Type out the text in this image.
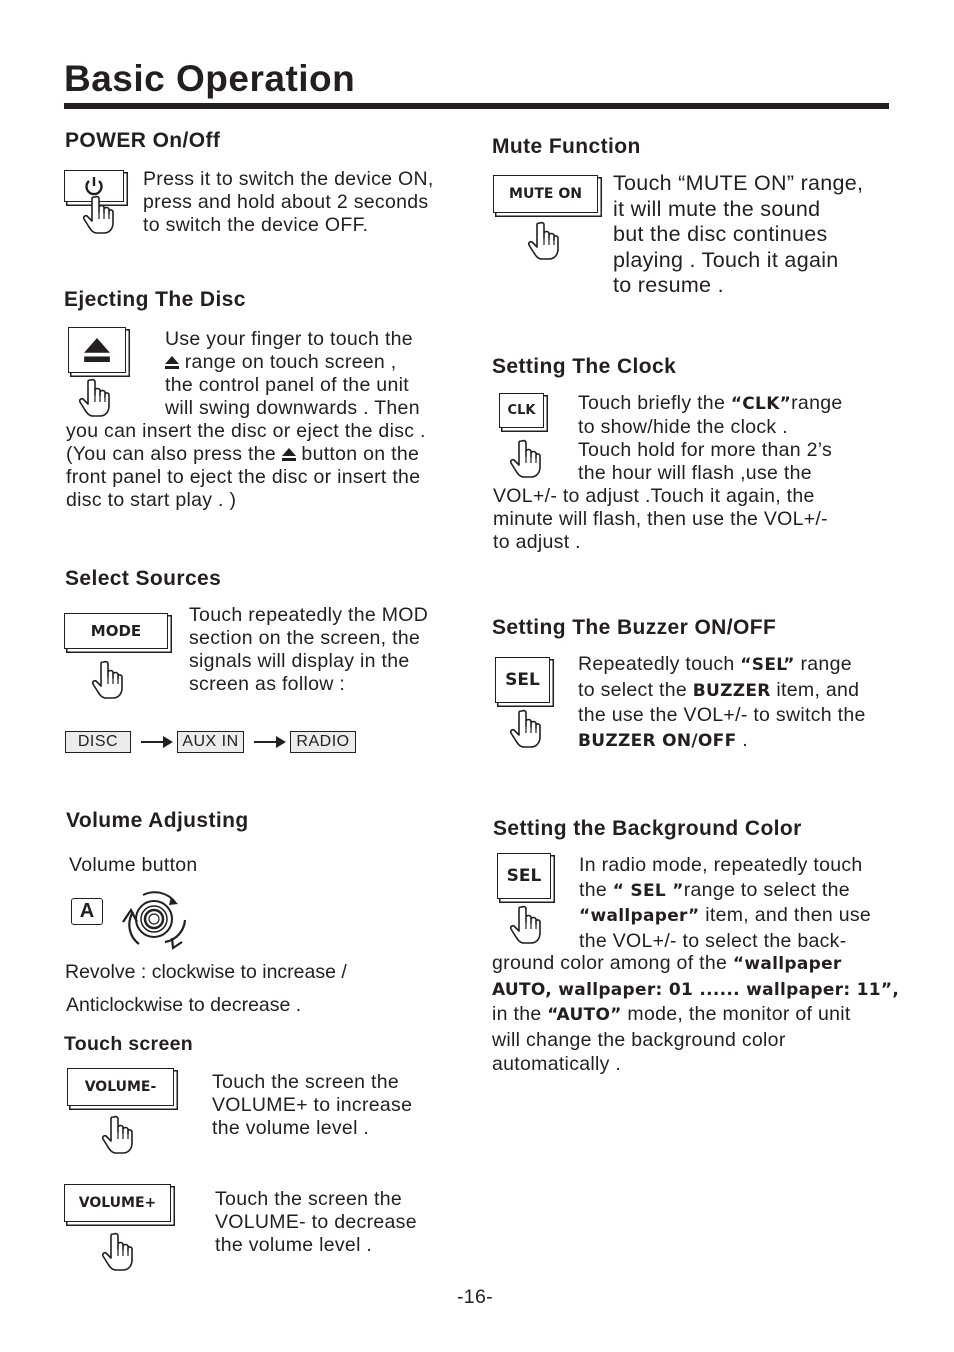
Basic Operation
POWER On/Off
Press it to switch the device ON,
press and hold about 2 seconds
to switch the device OFF.
Ejecting The Disc
Use your finger to touch the
range on touch screen ,
the control panel of the unit
will swing downwards . Then
you can insert the disc or eject the disc .
(You can also press the  button on the
front panel to eject the disc or insert the
disc to start play . )
Select Sources
MODE
Touch repeatedly the MOD
section on the screen, the
signals will display in the
screen as follow :
DISC	AUX IN	RADIO
Volume Adjusting
Volume button
A
Revolve : clockwise to increase /
Anticlockwise to decrease .
Touch screen
VOLUME-	Touch the screen the
VOLUME+ to increase
the volume level .
VOLUME+	Touch the screen the
VOLUME- to decrease
the volume level .
Mute Function
MUTE ON	Touch “MUTE ON” range,
it will mute the sound
but the disc continues
playing . Touch it again
to resume .
Setting The Clock
CLK	Touch briefly the “CLK”range
to show/hide the clock .
Touch hold for more than 2’s
the hour will flash ,use the
VOL+/- to adjust .Touch it again, the
minute will flash, then use the VOL+/-
to adjust .
Setting The Buzzer ON/OFF
SEL
Repeatedly touch “SEL” range
to select the BUZZER item, and
the use the VOL+/- to switch the
BUZZER ON/OFF .
Setting the Background Color
SEL	In radio mode, repeatedly touch
the “ SEL ”range to select the
“wallpaper” item, and then use
the VOL+/- to select the back-
ground color among of the “wallpaper
AUTO, wallpaper: 01 ...... wallpaper: 11”,
in the “AUTO” mode, the monitor of unit
will change the background color
automatically .
-16-
